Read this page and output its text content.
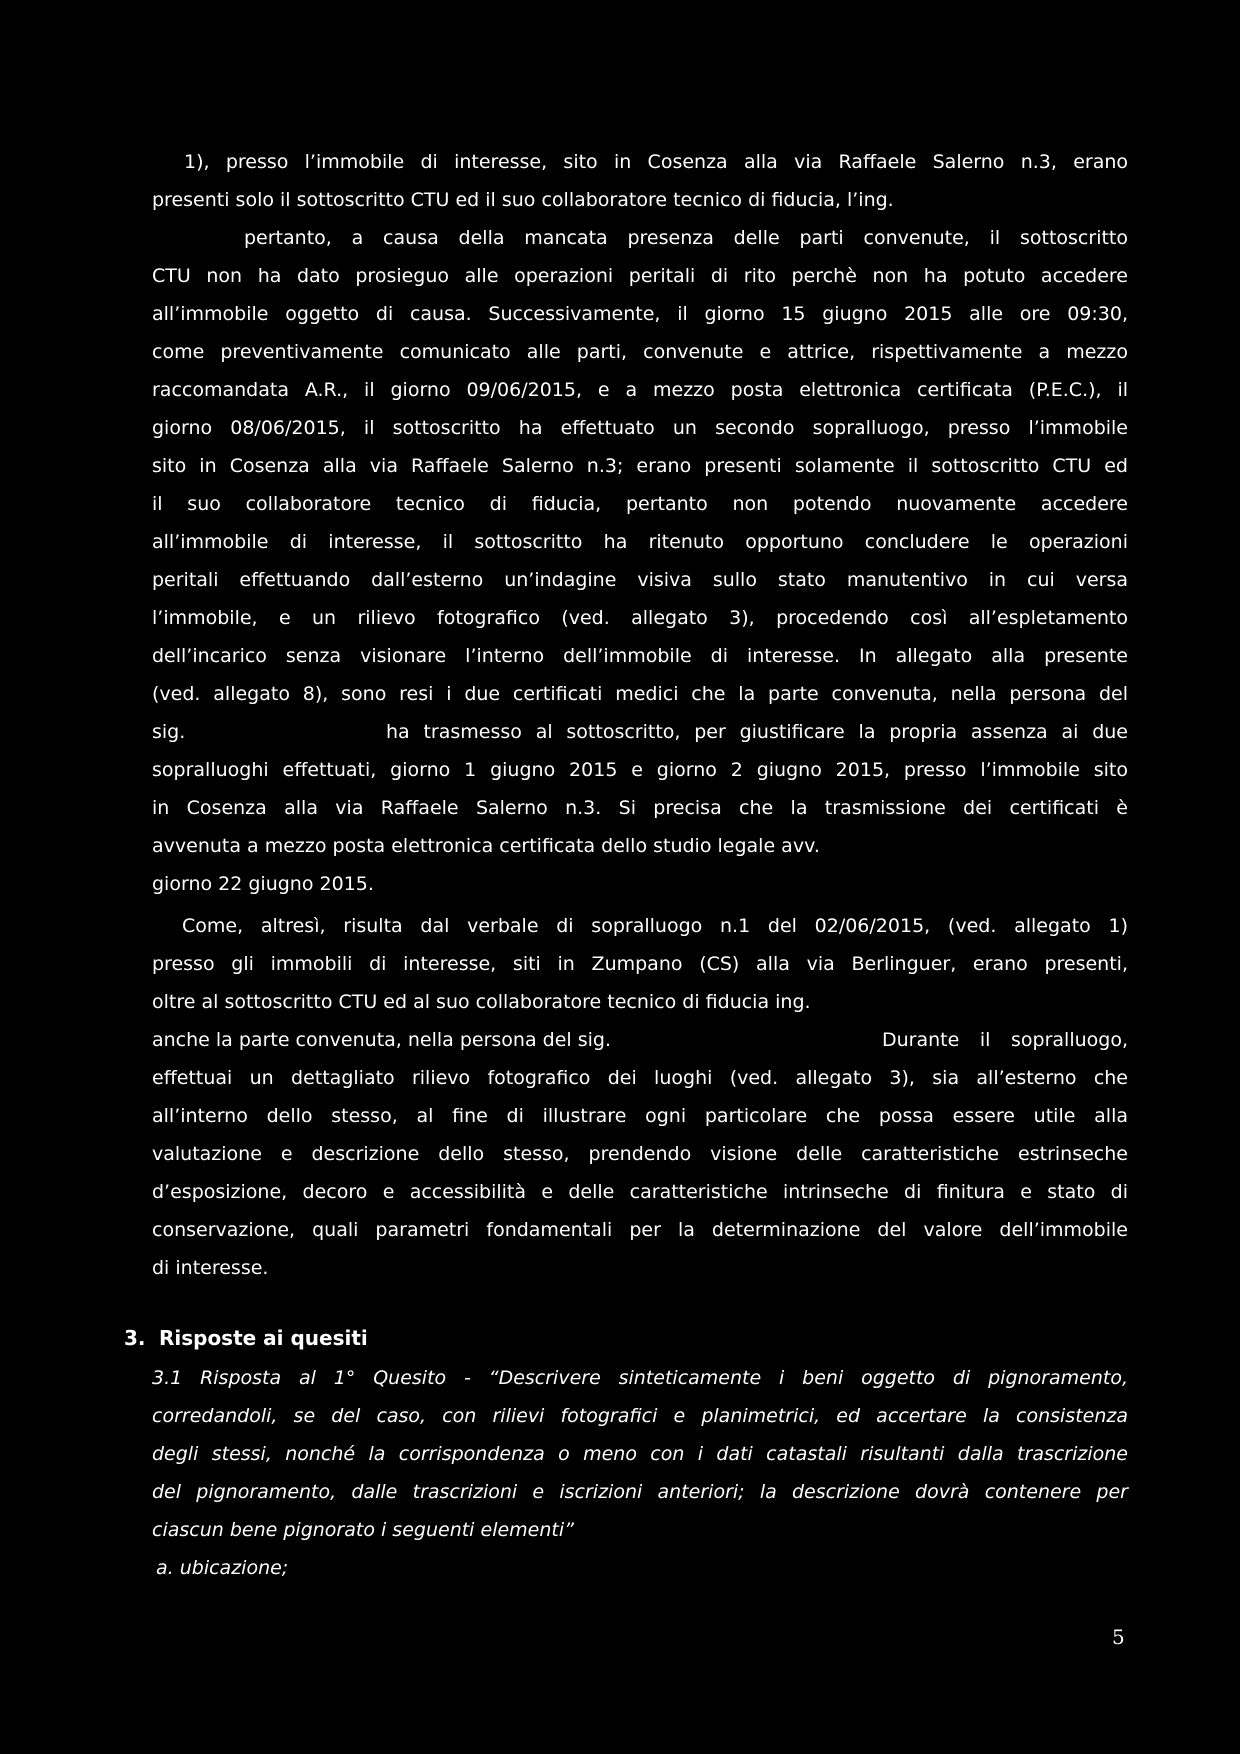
1), presso l’immobile di interesse, sito in Cosenza alla via Raffaele Salerno n.3, erano
presenti solo il sottoscritto CTU ed il suo collaboratore tecnico di fiducia, l’ing.
pertanto, a causa della mancata presenza delle parti convenute, il sottoscritto
CTU non ha dato prosieguo alle operazioni peritali di rito perchè non ha potuto accedere
all’immobile oggetto di causa. Successivamente, il giorno 15 giugno 2015 alle ore 09:30,
come preventivamente comunicato alle parti, convenute e attrice, rispettivamente a mezzo
raccomandata A.R., il giorno 09/06/2015, e a mezzo posta elettronica certificata (P.E.C.), il
giorno 08/06/2015, il sottoscritto ha effettuato un secondo sopralluogo, presso l’immobile
sito in Cosenza alla via Raffaele Salerno n.3; erano presenti solamente il sottoscritto CTU ed
il suo collaboratore tecnico di fiducia, pertanto non potendo nuovamente accedere
all’immobile di interesse, il sottoscritto ha ritenuto opportuno concludere le operazioni
peritali effettuando dall’esterno un’indagine visiva sullo stato manutentivo in cui versa
l’immobile, e un rilievo fotografico (ved. allegato 3), procedendo così all’espletamento
dell’incarico senza visionare l’interno dell’immobile di interesse. In allegato alla presente
(ved. allegato 8), sono resi i due certificati medici che la parte convenuta, nella persona del
sig.	ha trasmesso al sottoscritto, per giustificare la propria assenza ai due
sopralluoghi effettuati, giorno 1 giugno 2015 e giorno 2 giugno 2015, presso l’immobile sito
in Cosenza alla via Raffaele Salerno n.3. Si precisa che la trasmissione dei certificati è
avvenuta a mezzo posta elettronica certificata dello studio legale avv.
giorno 22 giugno 2015.
Come, altresì, risulta dal verbale di sopralluogo n.1 del 02/06/2015, (ved. allegato 1)
presso gli immobili di interesse, siti in Zumpano (CS) alla via Berlinguer, erano presenti,
oltre al sottoscritto CTU ed al suo collaboratore tecnico di fiducia ing.
anche la parte convenuta, nella persona del sig.	Durante il sopralluogo,
effettuai un dettagliato rilievo fotografico dei luoghi (ved. allegato 3), sia all’esterno che
all’interno dello stesso, al fine di illustrare ogni particolare che possa essere utile alla
valutazione e descrizione dello stesso, prendendo visione delle caratteristiche estrinseche
d’esposizione, decoro e accessibilità e delle caratteristiche intrinseche di finitura e stato di
conservazione, quali parametri fondamentali per la determinazione del valore dell’immobile
di interesse.
3. Risposte ai quesiti
3.1 Risposta al 1° Quesito - “Descrivere sinteticamente i beni oggetto di pignoramento,
corredandoli, se del caso, con rilievi fotografici e planimetrici, ed accertare la consistenza
degli stessi, nonché la corrispondenza o meno con i dati catastali risultanti dalla trascrizione
del pignoramento, dalle trascrizioni e iscrizioni anteriori; la descrizione dovrà contenere per
ciascun bene pignorato i seguenti elementi”
a. ubicazione;
5
